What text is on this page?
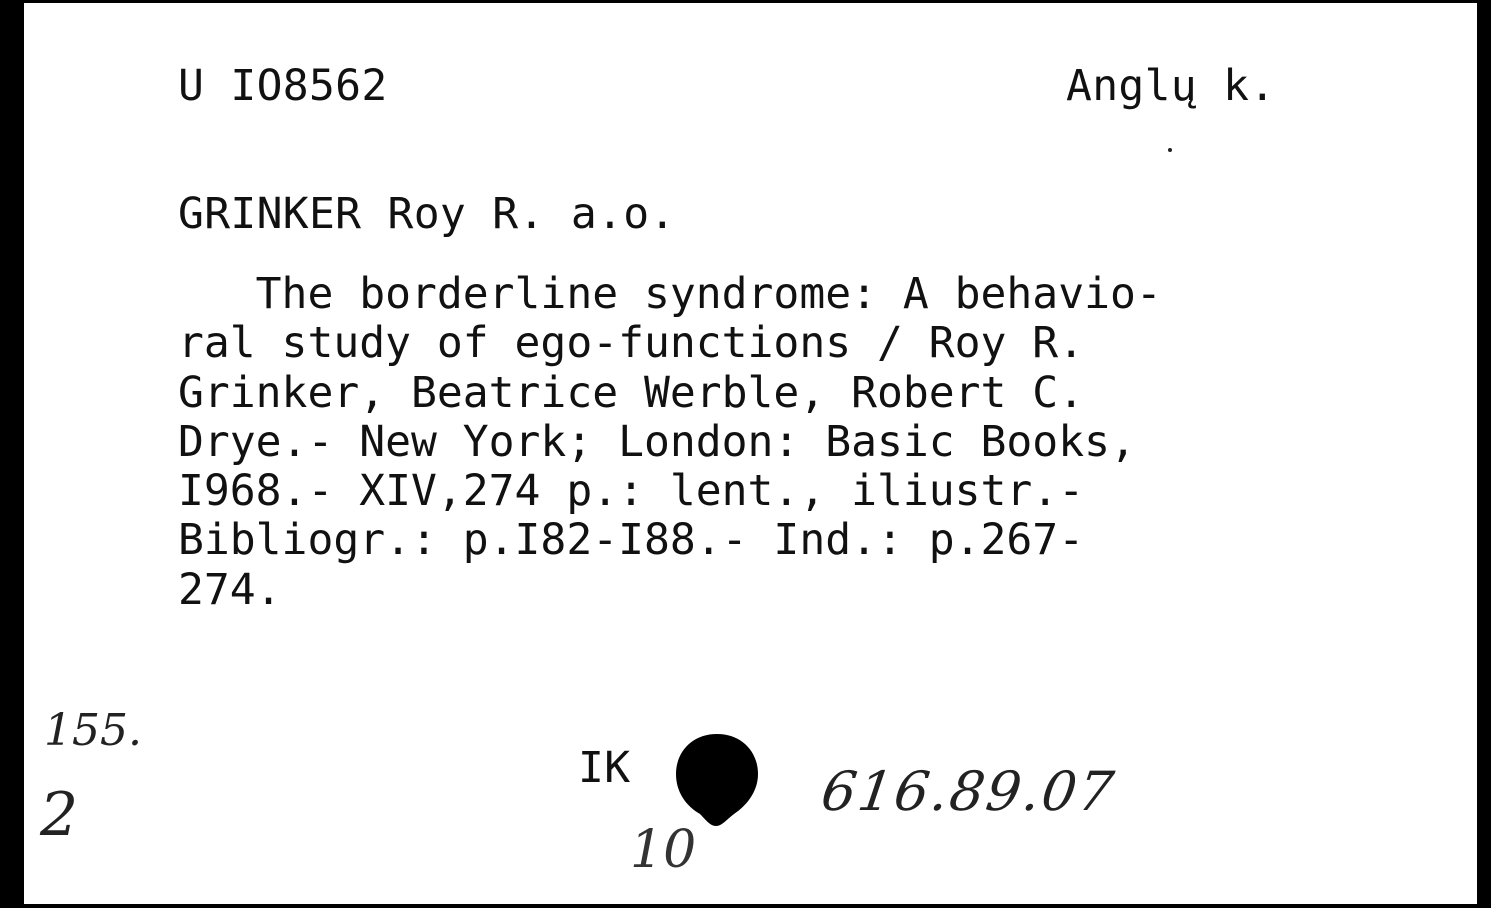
U IO8562	Anglų k.
GRINKER Roy R. a.o.
The borderline syndrome: A behavio-
ral study of ego-functions / Roy R.
Grinker, Beatrice Werble, Robert C.
Drye.- New York; London: Basic Books,
I968.- XIV,274 p.: lent., iliustr.-
Bibliogr.: p.I82-I88.- Ind.: p.267-
274.
155.
2
IK	616.89.07
10
